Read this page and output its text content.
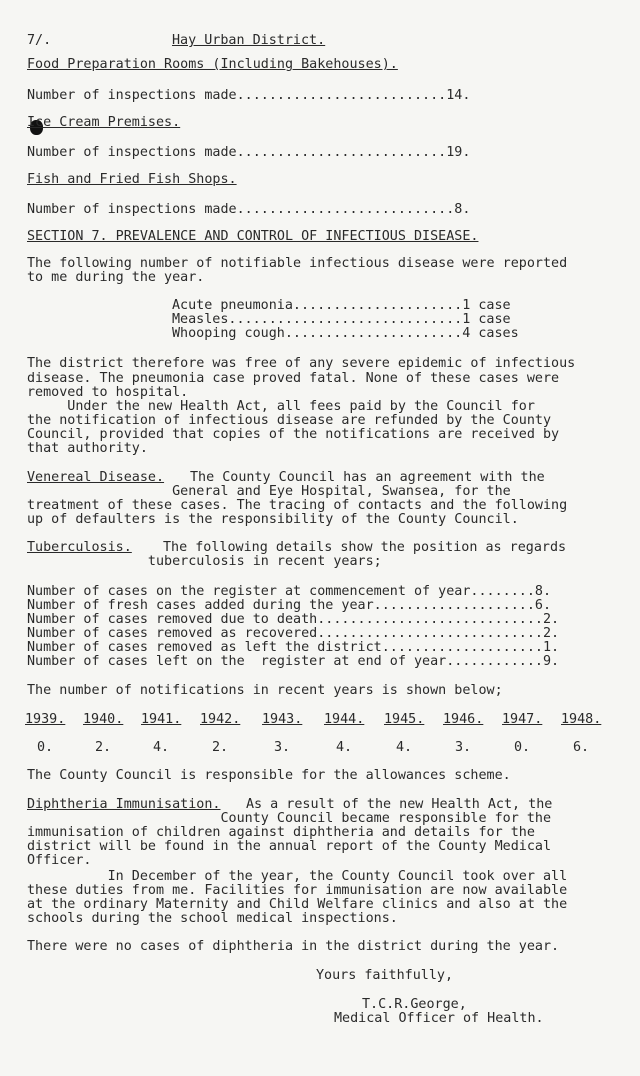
7/.	Hay Urban District.
Food Preparation Rooms (Including Bakehouses).
Number of inspections made..........................14.
Ice Cream Premises.
Number of inspections made..........................19.
Fish and Fried Fish Shops.
Number of inspections made...........................8.
SECTION 7. PREVALENCE AND CONTROL OF INFECTIOUS DISEASE.
The following number of notifiable infectious disease were reported
to me during the year.
Acute pneumonia.....................1 case
Measles.............................1 case
Whooping cough......................4 cases
The district therefore was free of any severe epidemic of infectious
disease. The pneumonia case proved fatal. None of these cases were
removed to hospital.
Under the new Health Act, all fees paid by the Council for
the notification of infectious disease are refunded by the County
Council, provided that copies of the notifications are received by
that authority.
Venereal Disease. The County Council has an agreement with the
General and Eye Hospital, Swansea, for the
treatment of these cases. The tracing of contacts and the following
up of defaulters is the responsibility of the County Council.
Tuberculosis. The following details show the position as regards
tuberculosis in recent years;
Number of cases on the register at commencement of year........8.
Number of fresh cases added during the year....................6.
Number of cases removed due to death............................2.
Number of cases removed as recovered............................2.
Number of cases removed as left the district....................1.
Number of cases left on the  register at end of year............9.
The number of notifications in recent years is shown below;
1939. 1940. 1941. 1942. 1943. 1944. 1945. 1946. 1947. 1948.
0.	2.	4.	2.	3.	4.	4.	3.	0.	6.
The County Council is responsible for the allowances scheme.
Diphtheria Immunisation. As a result of the new Health Act, the
County Council became responsible for the
immunisation of children against diphtheria and details for the
district will be found in the annual report of the County Medical
Officer.
In December of the year, the County Council took over all
these duties from me. Facilities for immunisation are now available
at the ordinary Maternity and Child Welfare clinics and also at the
schools during the school medical inspections.
There were no cases of diphtheria in the district during the year.
Yours faithfully,
T.C.R.George,
Medical Officer of Health.
